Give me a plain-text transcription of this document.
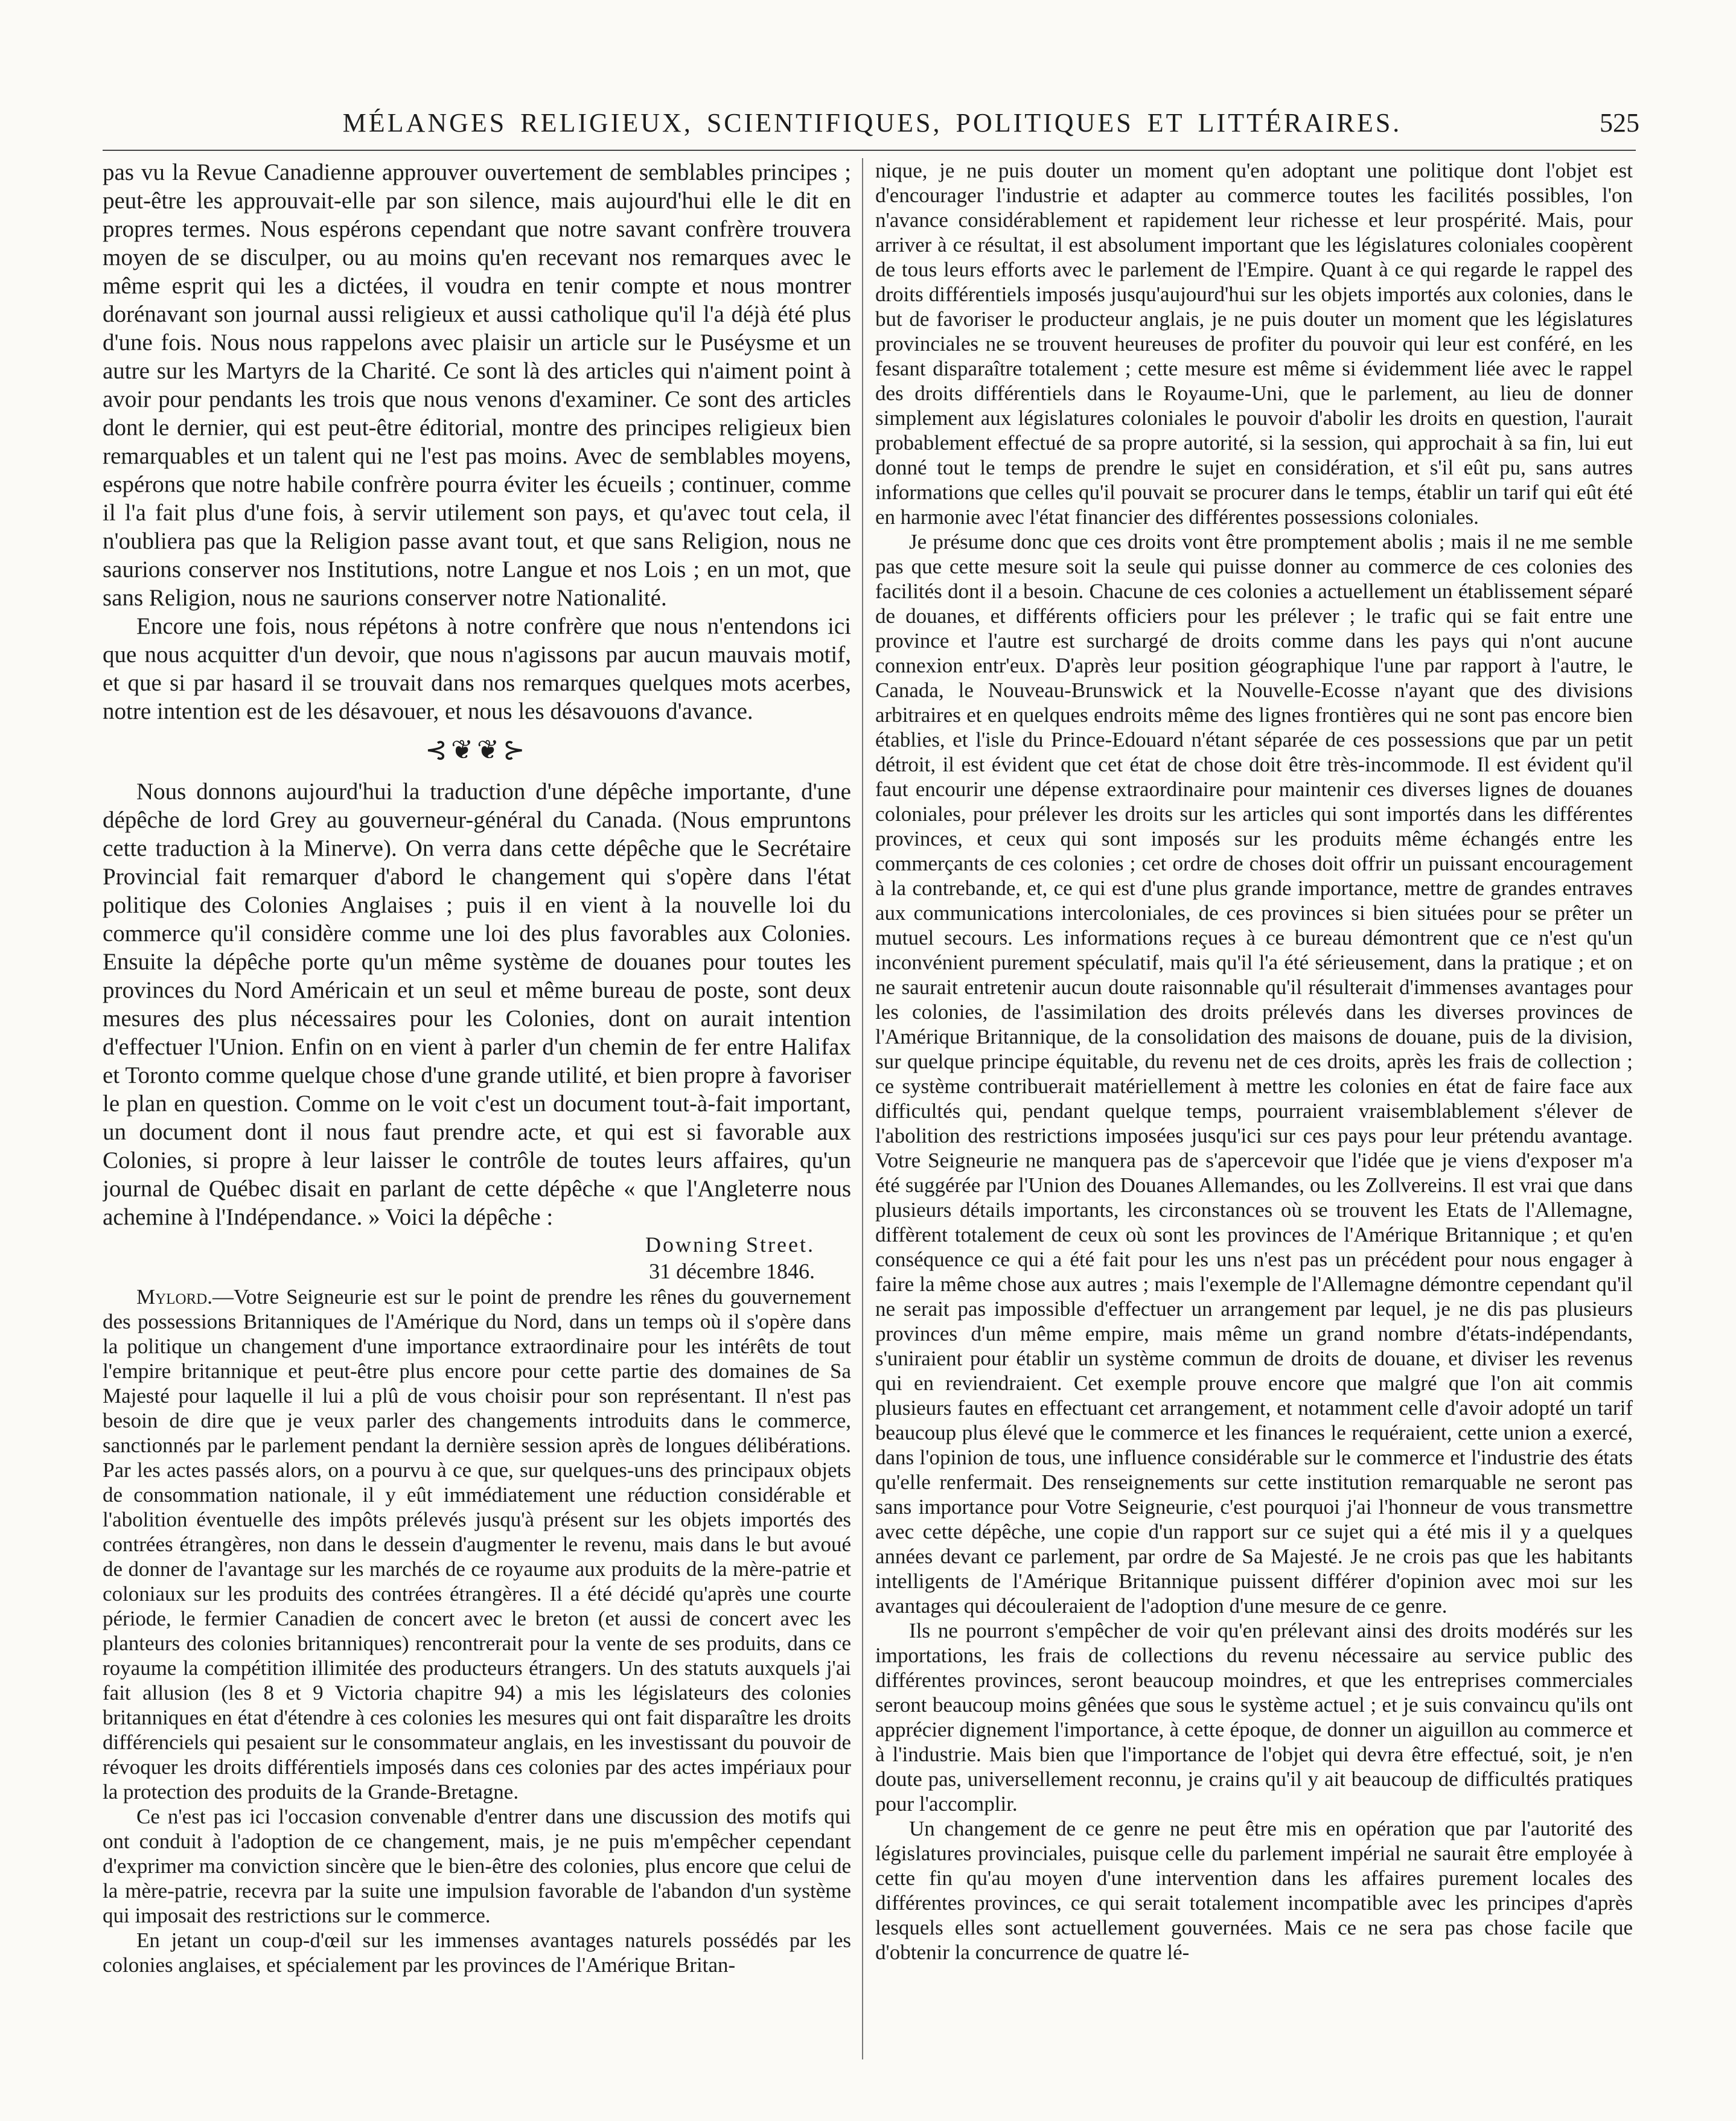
MÉLANGES RELIGIEUX, SCIENTIFIQUES, POLITIQUES ET LITTÉRAIRES.	525

pas vu la Revue Canadienne approuver ouvertement de semblables principes ; peut-être les approuvait-elle par son silence, mais aujourd'hui elle le dit en propres termes. Nous espérons cependant que notre savant confrère trouvera moyen de se disculper, ou au moins qu'en recevant nos remarques avec le même esprit qui les a dictées, il voudra en tenir compte et nous montrer dorénavant son journal aussi religieux et aussi catholique qu'il l'a déjà été plus d'une fois. Nous nous rappelons avec plaisir un article sur le Puséysme et un autre sur les Martyrs de la Charité. Ce sont là des articles qui n'aiment point à avoir pour pendants les trois que nous venons d'examiner. Ce sont des articles dont le dernier, qui est peut-être éditorial, montre des principes religieux bien remarquables et un talent qui ne l'est pas moins. Avec de semblables moyens, espérons que notre habile confrère pourra éviter les écueils ; continuer, comme il l'a fait plus d'une fois, à servir utilement son pays, et qu'avec tout cela, il n'oubliera pas que la Religion passe avant tout, et que sans Religion, nous ne saurions conserver nos Institutions, notre Langue et nos Lois ; en un mot, que sans Religion, nous ne saurions conserver notre Nationalité.

Encore une fois, nous répétons à notre confrère que nous n'entendons ici que nous acquitter d'un devoir, que nous n'agissons par aucun mauvais motif, et que si par hasard il se trouvait dans nos remarques quelques mots acerbes, notre intention est de les désavouer, et nous les désavouons d'avance.

⊰❦❦⊱

Nous donnons aujourd'hui la traduction d'une dépêche importante, d'une dépêche de lord Grey au gouverneur-général du Canada. (Nous empruntons cette traduction à la Minerve). On verra dans cette dépêche que le Secrétaire Provincial fait remarquer d'abord le changement qui s'opère dans l'état politique des Colonies Anglaises ; puis il en vient à la nouvelle loi du commerce qu'il considère comme une loi des plus favorables aux Colonies. Ensuite la dépêche porte qu'un même système de douanes pour toutes les provinces du Nord Américain et un seul et même bureau de poste, sont deux mesures des plus nécessaires pour les Colonies, dont on aurait intention d'effectuer l'Union. Enfin on en vient à parler d'un chemin de fer entre Halifax et Toronto comme quelque chose d'une grande utilité, et bien propre à favoriser le plan en question. Comme on le voit c'est un document tout-à-fait important, un document dont il nous faut prendre acte, et qui est si favorable aux Colonies, si propre à leur laisser le contrôle de toutes leurs affaires, qu'un journal de Québec disait en parlant de cette dépêche « que l'Angleterre nous achemine à l'Indépendance. » Voici la dépêche :

Downing Street.
31 décembre 1846.

Mylord.—Votre Seigneurie est sur le point de prendre les rênes du gouvernement des possessions Britanniques de l'Amérique du Nord, dans un temps où il s'opère dans la politique un changement d'une importance extraordinaire pour les intérêts de tout l'empire britannique et peut-être plus encore pour cette partie des domaines de Sa Majesté pour laquelle il lui a plû de vous choisir pour son représentant. Il n'est pas besoin de dire que je veux parler des changements introduits dans le commerce, sanctionnés par le parlement pendant la dernière session après de longues délibérations. Par les actes passés alors, on a pourvu à ce que, sur quelques-uns des principaux objets de consommation nationale, il y eût immédiatement une réduction considérable et l'abolition éventuelle des impôts prélevés jusqu'à présent sur les objets importés des contrées étrangères, non dans le dessein d'augmenter le revenu, mais dans le but avoué de donner de l'avantage sur les marchés de ce royaume aux produits de la mère-patrie et coloniaux sur les produits des contrées étrangères. Il a été décidé qu'après une courte période, le fermier Canadien de concert avec le breton (et aussi de concert avec les planteurs des colonies britanniques) rencontrerait pour la vente de ses produits, dans ce royaume la compétition illimitée des producteurs étrangers. Un des statuts auxquels j'ai fait allusion (les 8 et 9 Victoria chapitre 94) a mis les législateurs des colonies britanniques en état d'étendre à ces colonies les mesures qui ont fait disparaître les droits différenciels qui pesaient sur le consommateur anglais, en les investissant du pouvoir de révoquer les droits différentiels imposés dans ces colonies par des actes impériaux pour la protection des produits de la Grande-Bretagne.

Ce n'est pas ici l'occasion convenable d'entrer dans une discussion des motifs qui ont conduit à l'adoption de ce changement, mais, je ne puis m'empêcher cependant d'exprimer ma conviction sincère que le bien-être des colonies, plus encore que celui de la mère-patrie, recevra par la suite une impulsion favorable de l'abandon d'un système qui imposait des restrictions sur le commerce.

En jetant un coup-d'œil sur les immenses avantages naturels possédés par les colonies anglaises, et spécialement par les provinces de l'Amérique Britan-

nique, je ne puis douter un moment qu'en adoptant une politique dont l'objet est d'encourager l'industrie et adapter au commerce toutes les facilités possibles, l'on n'avance considérablement et rapidement leur richesse et leur prospérité. Mais, pour arriver à ce résultat, il est absolument important que les législatures coloniales coopèrent de tous leurs efforts avec le parlement de l'Empire. Quant à ce qui regarde le rappel des droits différentiels imposés jusqu'aujourd'hui sur les objets importés aux colonies, dans le but de favoriser le producteur anglais, je ne puis douter un moment que les législatures provinciales ne se trouvent heureuses de profiter du pouvoir qui leur est conféré, en les fesant disparaître totalement ; cette mesure est même si évidemment liée avec le rappel des droits différentiels dans le Royaume-Uni, que le parlement, au lieu de donner simplement aux législatures coloniales le pouvoir d'abolir les droits en question, l'aurait probablement effectué de sa propre autorité, si la session, qui approchait à sa fin, lui eut donné tout le temps de prendre le sujet en considération, et s'il eût pu, sans autres informations que celles qu'il pouvait se procurer dans le temps, établir un tarif qui eût été en harmonie avec l'état financier des différentes possessions coloniales.

Je présume donc que ces droits vont être promptement abolis ; mais il ne me semble pas que cette mesure soit la seule qui puisse donner au commerce de ces colonies des facilités dont il a besoin. Chacune de ces colonies a actuellement un établissement séparé de douanes, et différents officiers pour les prélever ; le trafic qui se fait entre une province et l'autre est surchargé de droits comme dans les pays qui n'ont aucune connexion entr'eux. D'après leur position géographique l'une par rapport à l'autre, le Canada, le Nouveau-Brunswick et la Nouvelle-Ecosse n'ayant que des divisions arbitraires et en quelques endroits même des lignes frontières qui ne sont pas encore bien établies, et l'isle du Prince-Edouard n'étant séparée de ces possessions que par un petit détroit, il est évident que cet état de chose doit être très-incommode. Il est évident qu'il faut encourir une dépense extraordinaire pour maintenir ces diverses lignes de douanes coloniales, pour prélever les droits sur les articles qui sont importés dans les différentes provinces, et ceux qui sont imposés sur les produits même échangés entre les commerçants de ces colonies ; cet ordre de choses doit offrir un puissant encouragement à la contrebande, et, ce qui est d'une plus grande importance, mettre de grandes entraves aux communications intercoloniales, de ces provinces si bien situées pour se prêter un mutuel secours. Les informations reçues à ce bureau démontrent que ce n'est qu'un inconvénient purement spéculatif, mais qu'il l'a été sérieusement, dans la pratique ; et on ne saurait entretenir aucun doute raisonnable qu'il résulterait d'immenses avantages pour les colonies, de l'assimilation des droits prélevés dans les diverses provinces de l'Amérique Britannique, de la consolidation des maisons de douane, puis de la division, sur quelque principe équitable, du revenu net de ces droits, après les frais de collection ; ce système contribuerait matériellement à mettre les colonies en état de faire face aux difficultés qui, pendant quelque temps, pourraient vraisemblablement s'élever de l'abolition des restrictions imposées jusqu'ici sur ces pays pour leur prétendu avantage. Votre Seigneurie ne manquera pas de s'apercevoir que l'idée que je viens d'exposer m'a été suggérée par l'Union des Douanes Allemandes, ou les Zollvereins. Il est vrai que dans plusieurs détails importants, les circonstances où se trouvent les Etats de l'Allemagne, diffèrent totalement de ceux où sont les provinces de l'Amérique Britannique ; et qu'en conséquence ce qui a été fait pour les uns n'est pas un précédent pour nous engager à faire la même chose aux autres ; mais l'exemple de l'Allemagne démontre cependant qu'il ne serait pas impossible d'effectuer un arrangement par lequel, je ne dis pas plusieurs provinces d'un même empire, mais même un grand nombre d'états-indépendants, s'uniraient pour établir un système commun de droits de douane, et diviser les revenus qui en reviendraient. Cet exemple prouve encore que malgré que l'on ait commis plusieurs fautes en effectuant cet arrangement, et notamment celle d'avoir adopté un tarif beaucoup plus élevé que le commerce et les finances le requéraient, cette union a exercé, dans l'opinion de tous, une influence considérable sur le commerce et l'industrie des états qu'elle renfermait. Des renseignements sur cette institution remarquable ne seront pas sans importance pour Votre Seigneurie, c'est pourquoi j'ai l'honneur de vous transmettre avec cette dépêche, une copie d'un rapport sur ce sujet qui a été mis il y a quelques années devant ce parlement, par ordre de Sa Majesté. Je ne crois pas que les habitants intelligents de l'Amérique Britannique puissent différer d'opinion avec moi sur les avantages qui découleraient de l'adoption d'une mesure de ce genre.

Ils ne pourront s'empêcher de voir qu'en prélevant ainsi des droits modérés sur les importations, les frais de collections du revenu nécessaire au service public des différentes provinces, seront beaucoup moindres, et que les entreprises commerciales seront beaucoup moins gênées que sous le système actuel ; et je suis convaincu qu'ils ont apprécier dignement l'importance, à cette époque, de donner un aiguillon au commerce et à l'industrie. Mais bien que l'importance de l'objet qui devra être effectué, soit, je n'en doute pas, universellement reconnu, je crains qu'il y ait beaucoup de difficultés pratiques pour l'accomplir.

Un changement de ce genre ne peut être mis en opération que par l'autorité des législatures provinciales, puisque celle du parlement impérial ne saurait être employée à cette fin qu'au moyen d'une intervention dans les affaires purement locales des différentes provinces, ce qui serait totalement incompatible avec les principes d'après lesquels elles sont actuellement gouvernées. Mais ce ne sera pas chose facile que d'obtenir la concurrence de quatre lé-
